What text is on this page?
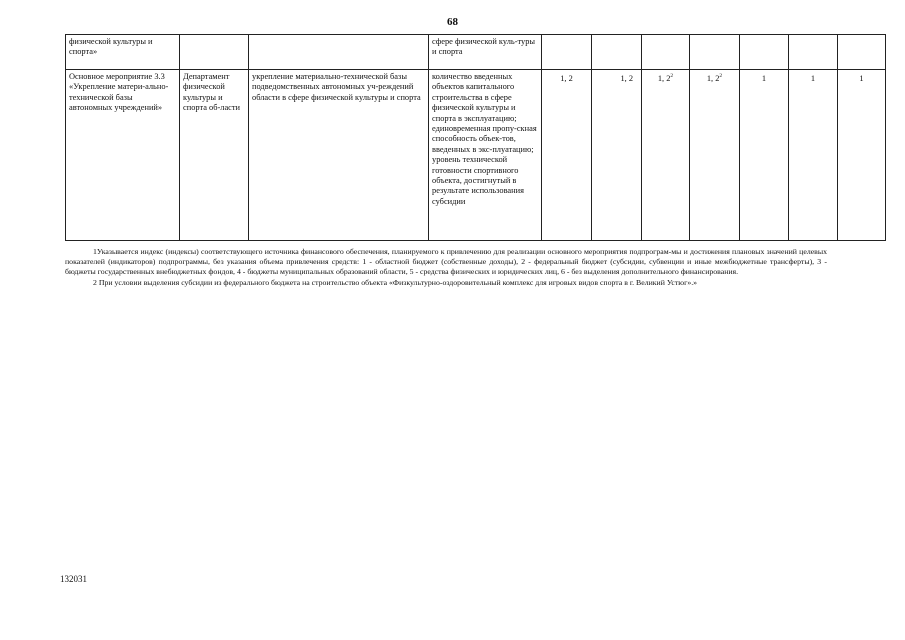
68
физической культуры и спорта»			сфере физической куль-туры и спорта							
Основное мероприятие 3.3 «Укрепление матери-ально-технической базы автономных учреждений»	Департамент физической культуры и спорта об-ласти	укрепление материально-технической базы подведомственных автономных уч-реждений области в сфере физической культуры и спорта	количество введенных объектов капитального строительства в сфере физической культуры и спорта в эксплуатацию; единовременная пропу-скная способность объек-тов, введенных в экс-плуатацию; уровень технической готовности спортивного объекта, достигнутый в результате использования субсидии	1, 2	1, 2	1, $2^2$	1, $2^2$	1	1	1

1Указывается индекс (индексы) соответствующего источника финансового обеспечения, планируемого к привлечению для реализации основного мероприятия подпрограм-мы и достижения плановых значений целевых показателей (индикаторов) подпрограммы, без указания объема привлечения средств: 1 - областной бюджет (собственные доходы), 2 - федеральный бюджет (субсидии, субвенции и иные межбюджетные трансферты), 3 - бюджеты государственных внебюджетных фондов, 4 - бюджеты муниципальных образований области, 5 - средства физических и юридических лиц, 6 - без выделения дополнительного финансирования.

2 При условии выделения субсидии из федерального бюджета на строительство объекта «Физкультурно-оздоровительный комплекс для игровых видов спорта в г. Великий Устюг».»

132031
